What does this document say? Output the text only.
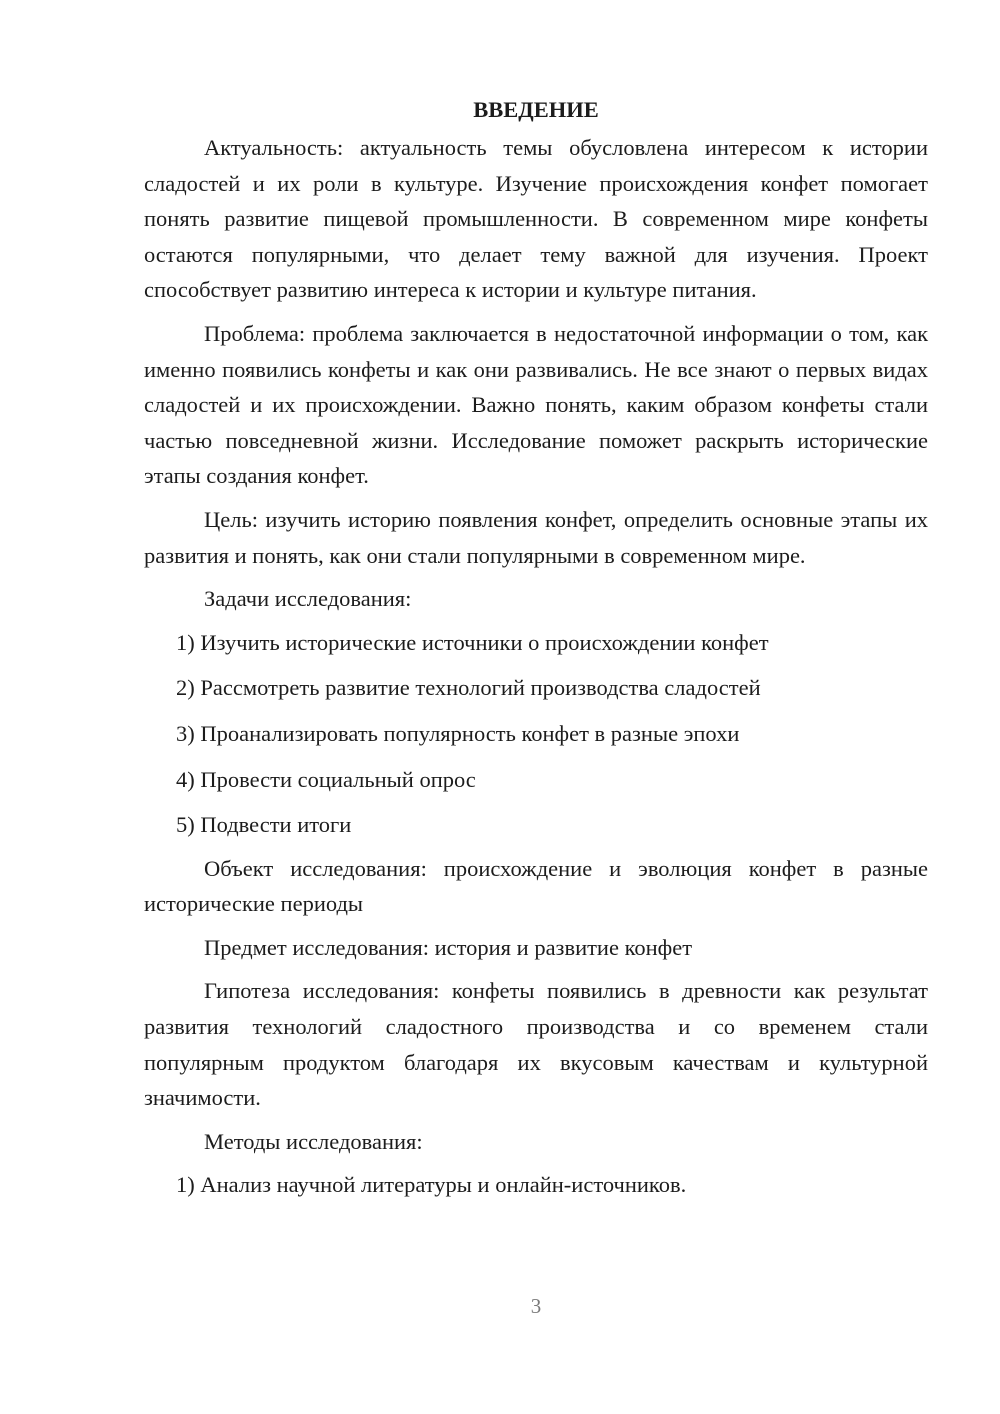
ВВЕДЕНИЕ

Актуальность: актуальность темы обусловлена интересом к истории сладостей и их роли в культуре. Изучение происхождения конфет помогает понять развитие пищевой промышленности. В современном мире конфеты остаются популярными, что делает тему важной для изучения. Проект способствует развитию интереса к истории и культуре питания.

Проблема: проблема заключается в недостаточной информации о том, как именно появились конфеты и как они развивались. Не все знают о первых видах сладостей и их происхождении. Важно понять, каким образом конфеты стали частью повседневной жизни. Исследование поможет раскрыть исторические этапы создания конфет.

Цель: изучить историю появления конфет, определить основные этапы их развития и понять, как они стали популярными в современном мире.

Задачи исследования:

1) Изучить исторические источники о происхождении конфет
2) Рассмотреть развитие технологий производства сладостей
3) Проанализировать популярность конфет в разные эпохи
4) Провести социальный опрос
5) Подвести итоги

Объект исследования: происхождение и эволюция конфет в разные исторические периоды

Предмет исследования: история и развитие конфет

Гипотеза исследования: конфеты появились в древности как результат развития технологий сладостного производства и со временем стали популярным продуктом благодаря их вкусовым качествам и культурной значимости.

Методы исследования:

1) Анализ научной литературы и онлайн-источников.
3
